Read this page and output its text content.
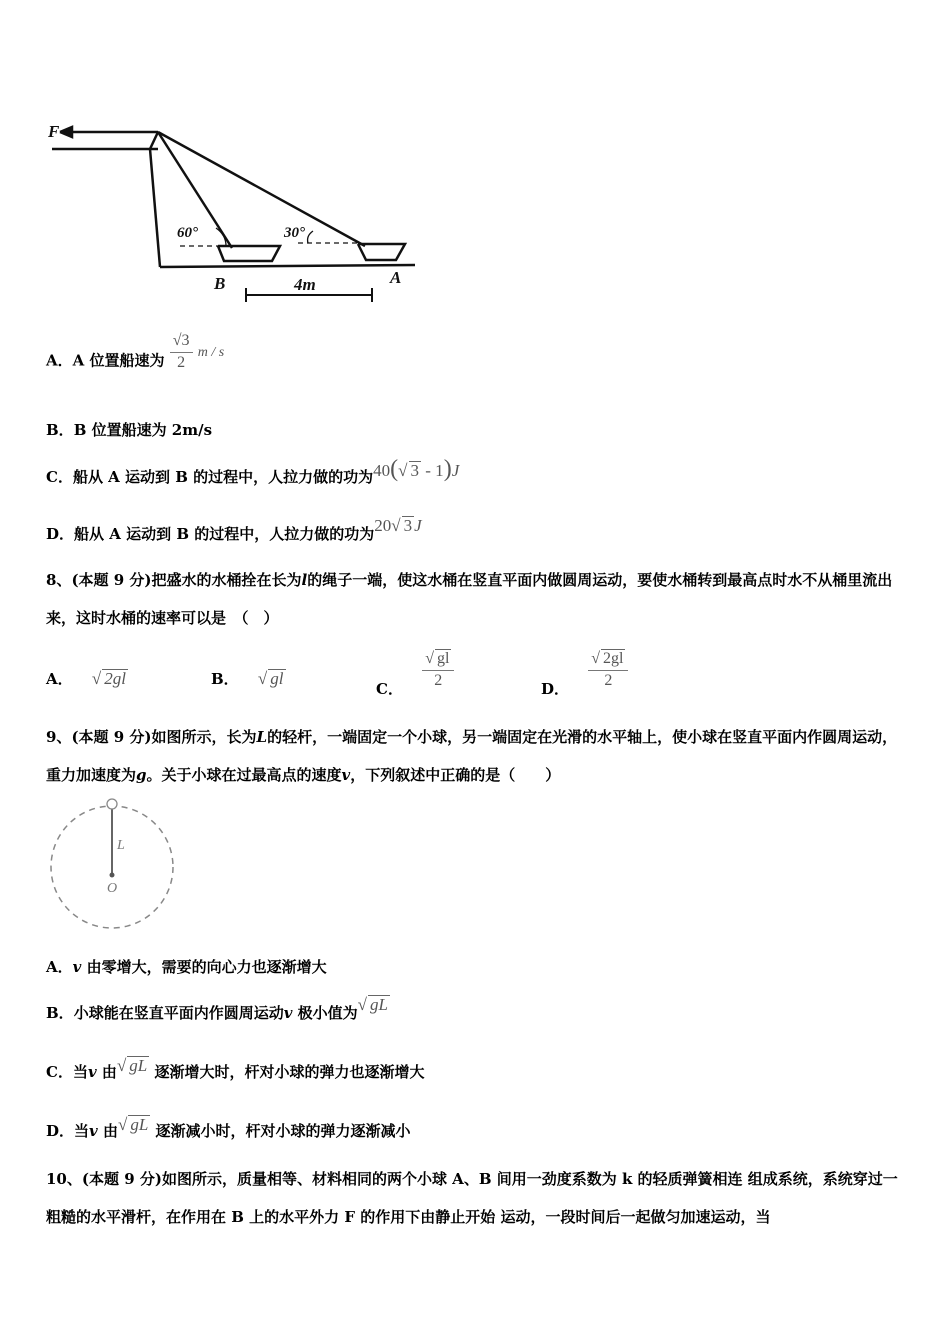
F
60°	30°
B	A
4m
A．A 位置船速为 $\frac{√3}{2}$ m / s
B．B 位置船速为 2m/s
C．船从 A 运动到 B 的过程中，人拉力做的功为40(√ 3 - 1)J
D．船从 A 运动到 B 的过程中，人拉力做的功为20√ 3 J
8、(本题 9 分)把盛水的水桶拴在长为l的绳子一端，使这水桶在竖直平面内做圆周运动，要使水桶转到最高点时水不从桶里流出来，这时水桶的速率可以是　（　）
A． √ 2gl	B． √ gl
C． $\frac{√ gl}{2}$	D． $\frac{√ 2gl}{2}$
9、(本题 9 分)如图所示，长为L的轻杆，一端固定一个小球，另一端固定在光滑的水平轴上，使小球在竖直平面内作圆周运动，重力加速度为g。关于小球在过最高点的速度v，下列叙述中正确的是（　　）
L
O
A．v 由零增大，需要的向心力也逐渐增大
B．小球能在竖直平面内作圆周运动v 极小值为√ gL
C．当v 由√ gL 逐渐增大时，杆对小球的弹力也逐渐增大
D．当v 由√ gL 逐渐减小时，杆对小球的弹力逐渐减小
10、(本题 9 分)如图所示，质量相等、材料相同的两个小球 A、B 间用一劲度系数为 k 的轻质弹簧相连 组成系统，系统穿过一粗糙的水平滑杆，在作用在 B 上的水平外力 F 的作用下由静止开始 运动，一段时间后一起做匀加速运动，当
